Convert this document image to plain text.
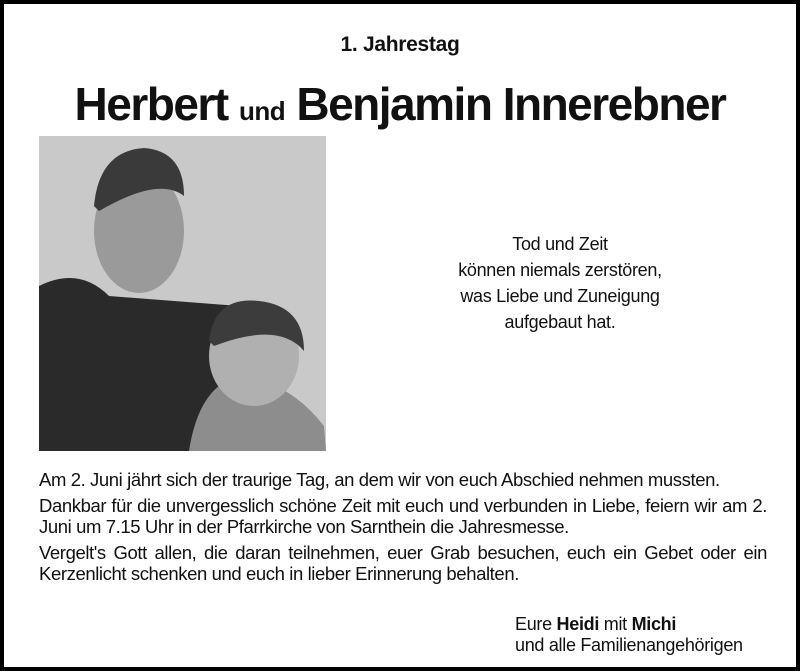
1. Jahrestag
Herbert und Benjamin Innerebner
Tod und Zeit
können niemals zerstören,
was Liebe und Zuneigung
aufgebaut hat.

Am 2. Juni jährt sich der traurige Tag, an dem wir von euch Abschied nehmen mussten.

Dankbar für die unvergesslich schöne Zeit mit euch und verbunden in Liebe, feiern wir am 2. Juni um 7.15 Uhr in der Pfarrkirche von Sarnthein die Jahresmesse.

Vergelt's Gott allen, die daran teilnehmen, euer Grab besuchen, euch ein Gebet oder ein Kerzenlicht schenken und euch in lieber Erinnerung behalten.

Eure Heidi mit Michi
und alle Familienangehörigen
